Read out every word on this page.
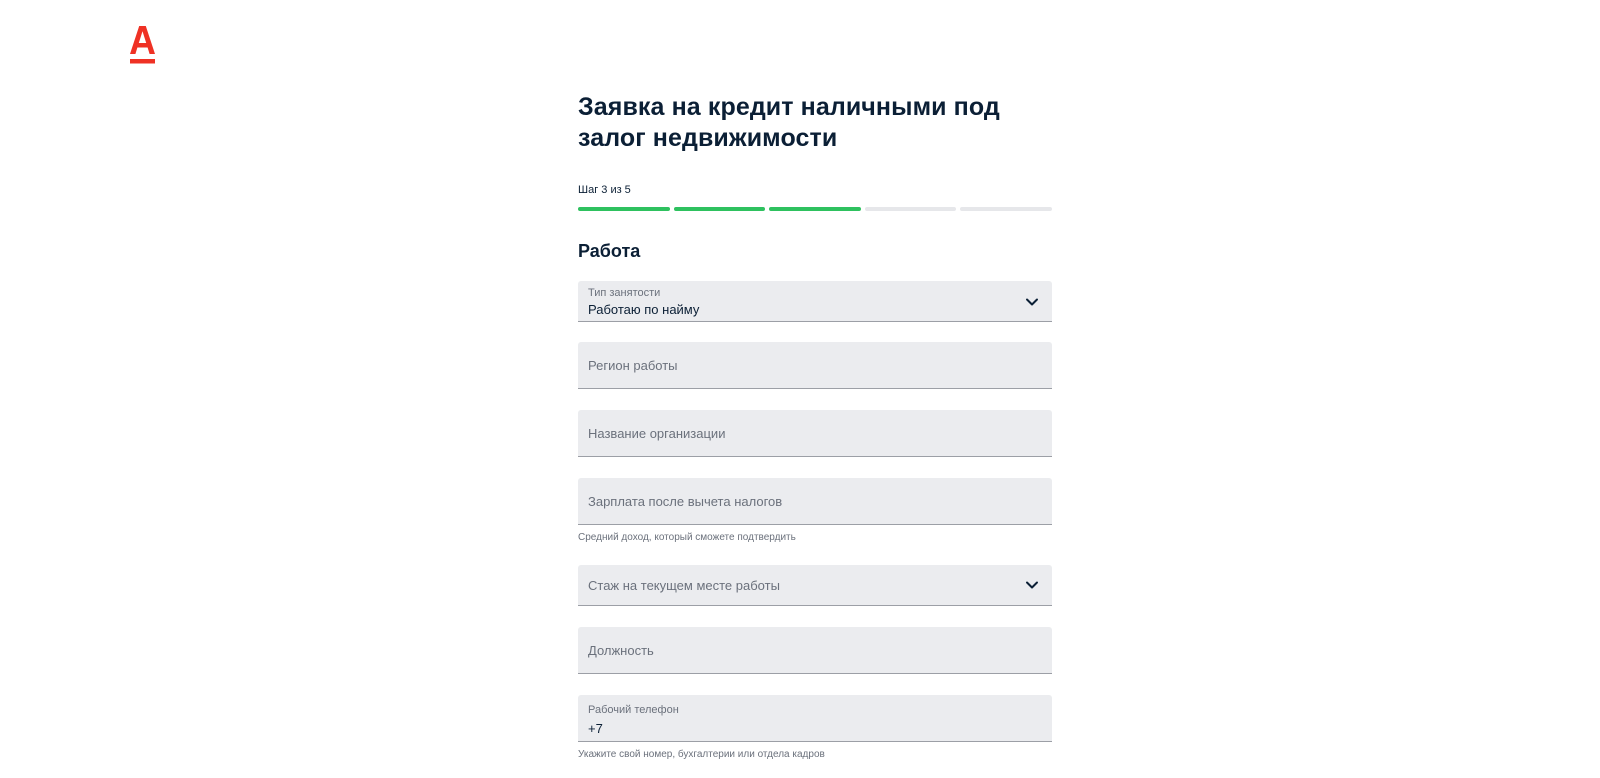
Заявка на кредит наличными под залог недвижимости
Шаг 3 из 5
Работа
Тип занятости
Работаю по найму
Регион работы
Название организации
Зарплата после вычета налогов
Средний доход, который сможете подтвердить
Стаж на текущем месте работы
Должность
Рабочий телефон
+7
Укажите свой номер, бухгалтерии или отдела кадров
